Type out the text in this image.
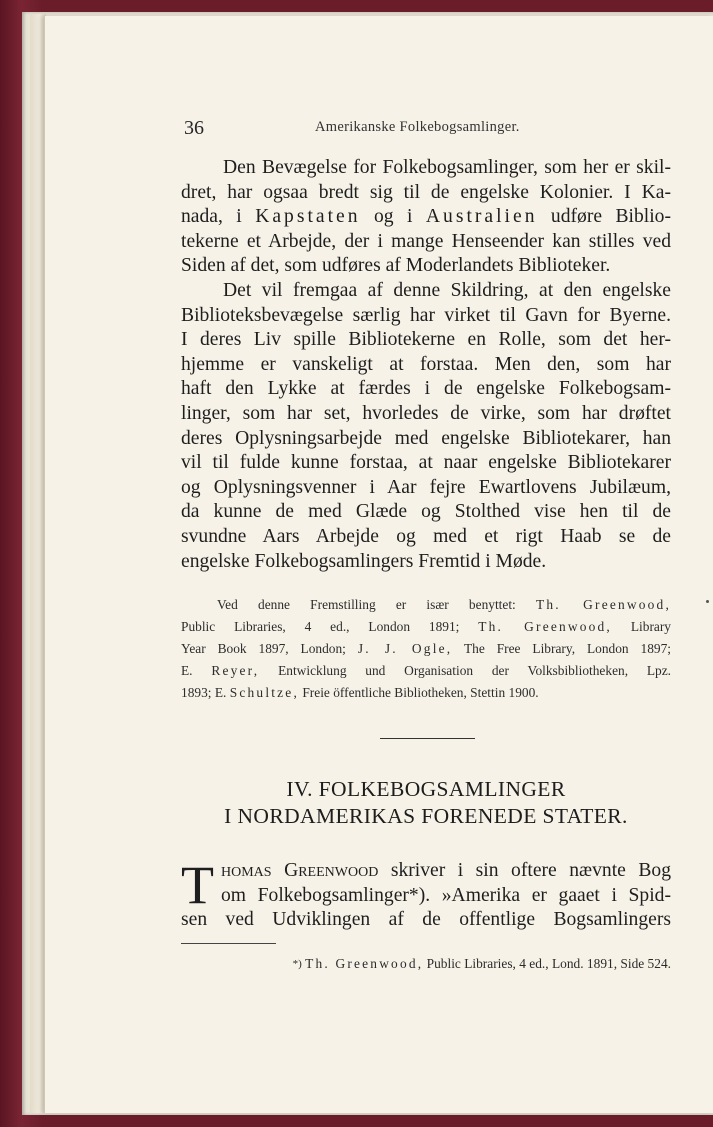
36	Amerikanske Folkebogsamlinger.
Den Bevægelse for Folkebogsamlinger, som her er skil-
dret, har ogsaa bredt sig til de engelske Kolonier. I Ka-
nada, i Kapstaten og i Australien udføre Biblio-
tekerne et Arbejde, der i mange Henseender kan stilles ved
Siden af det, som udføres af Moderlandets Biblioteker.
Det vil fremgaa af denne Skildring, at den engelske
Biblioteksbevægelse særlig har virket til Gavn for Byerne.
I deres Liv spille Bibliotekerne en Rolle, som det her-
hjemme er vanskeligt at forstaa. Men den, som har
haft den Lykke at færdes i de engelske Folkebogsam-
linger, som har set, hvorledes de virke, som har drøftet
deres Oplysningsarbejde med engelske Bibliotekarer, han
vil til fulde kunne forstaa, at naar engelske Bibliotekarer
og Oplysningsvenner i Aar fejre Ewartlovens Jubilæum,
da kunne de med Glæde og Stolthed vise hen til de
svundne Aars Arbejde og med et rigt Haab se de
engelske Folkebogsamlingers Fremtid i Møde.
Ved denne Fremstilling er især benyttet: Th. Greenwood,
Public Libraries, 4 ed., London 1891; Th. Greenwood, Library
Year Book 1897, London; J. J. Ogle, The Free Library, London 1897;
E. Reyer, Entwicklung und Organisation der Volksbibliotheken, Lpz.
1893; E. Schultze, Freie öffentliche Bibliotheken, Stettin 1900.
IV. FOLKEBOGSAMLINGER
I NORDAMERIKAS FORENEDE STATER.
T homas Greenwood skriver i sin oftere nævnte Bog
om Folkebogsamlinger*). »Amerika er gaaet i Spid-
sen ved Udviklingen af de offentlige Bogsamlingers
*) Th. Greenwood, Public Libraries, 4 ed., Lond. 1891, Side 524.
